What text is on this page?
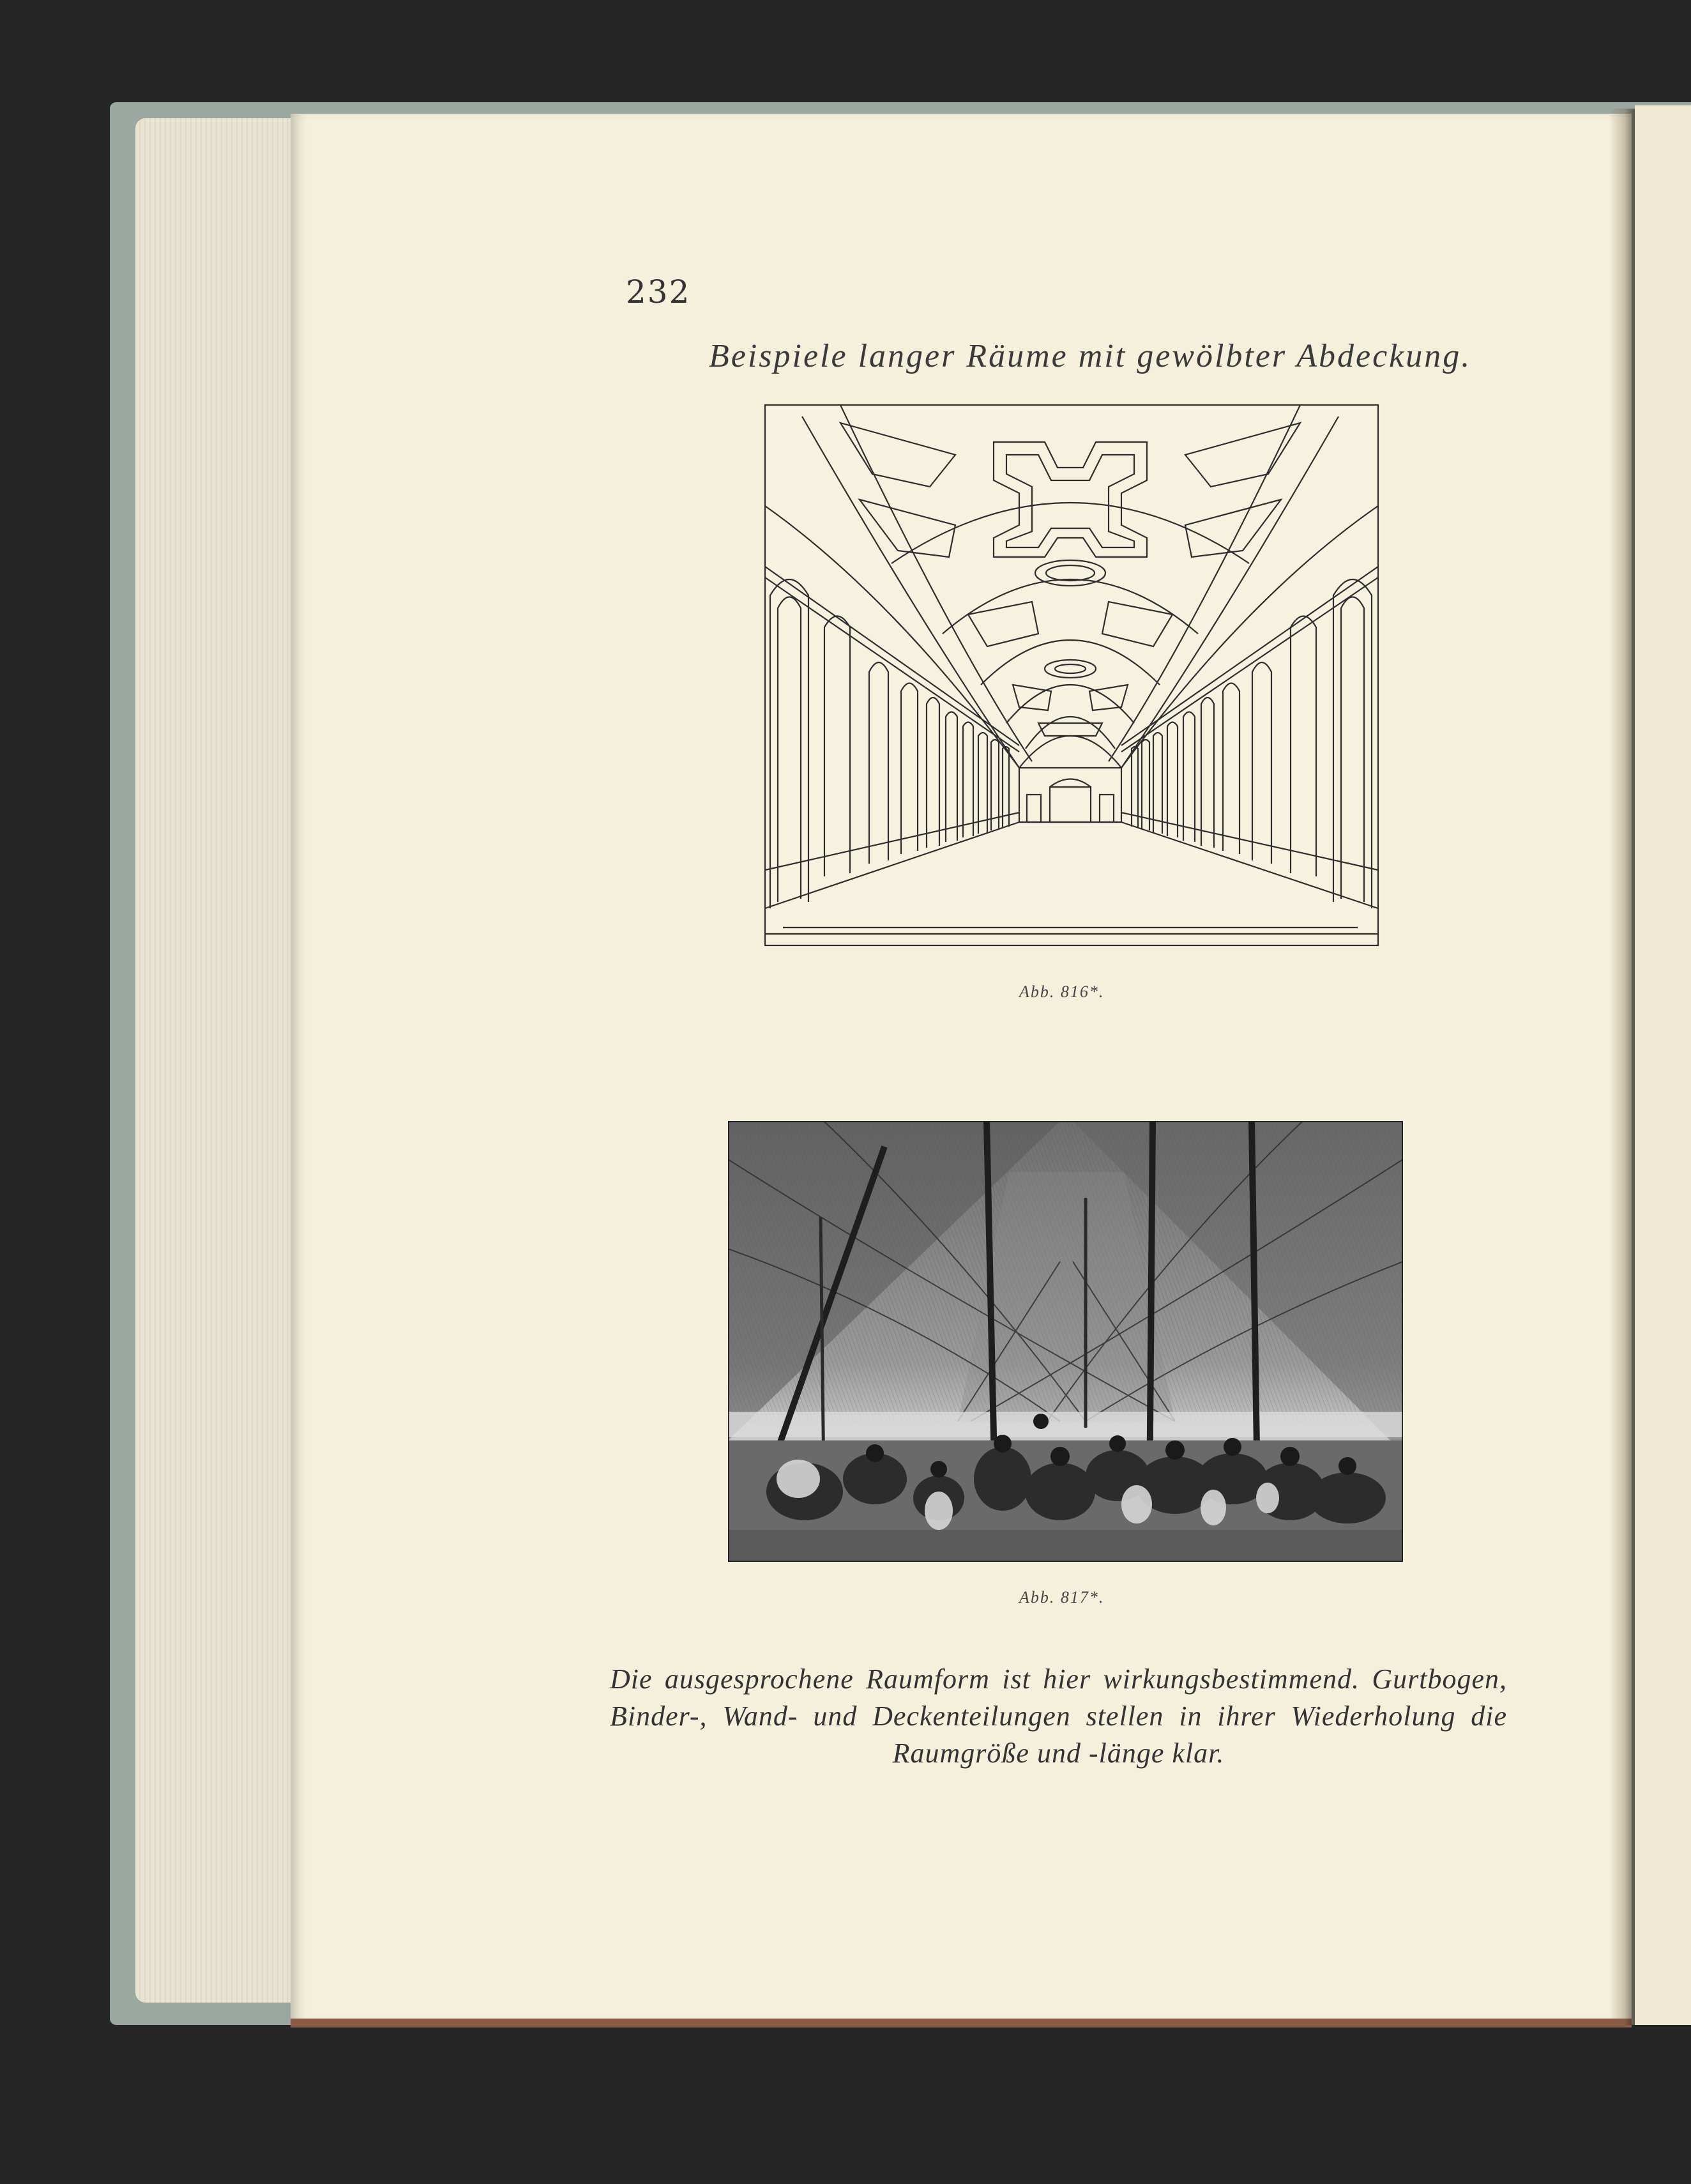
232
Beispiele langer Räume mit gewölbter Abdeckung.
Abb. 816*.
Abb. 817*.
Die ausgesprochene Raumform ist hier wirkungsbestimmend. Gurtbogen,
Binder-, Wand- und Deckenteilungen stellen in ihrer Wiederholung die
Raumgröße und -länge klar.
